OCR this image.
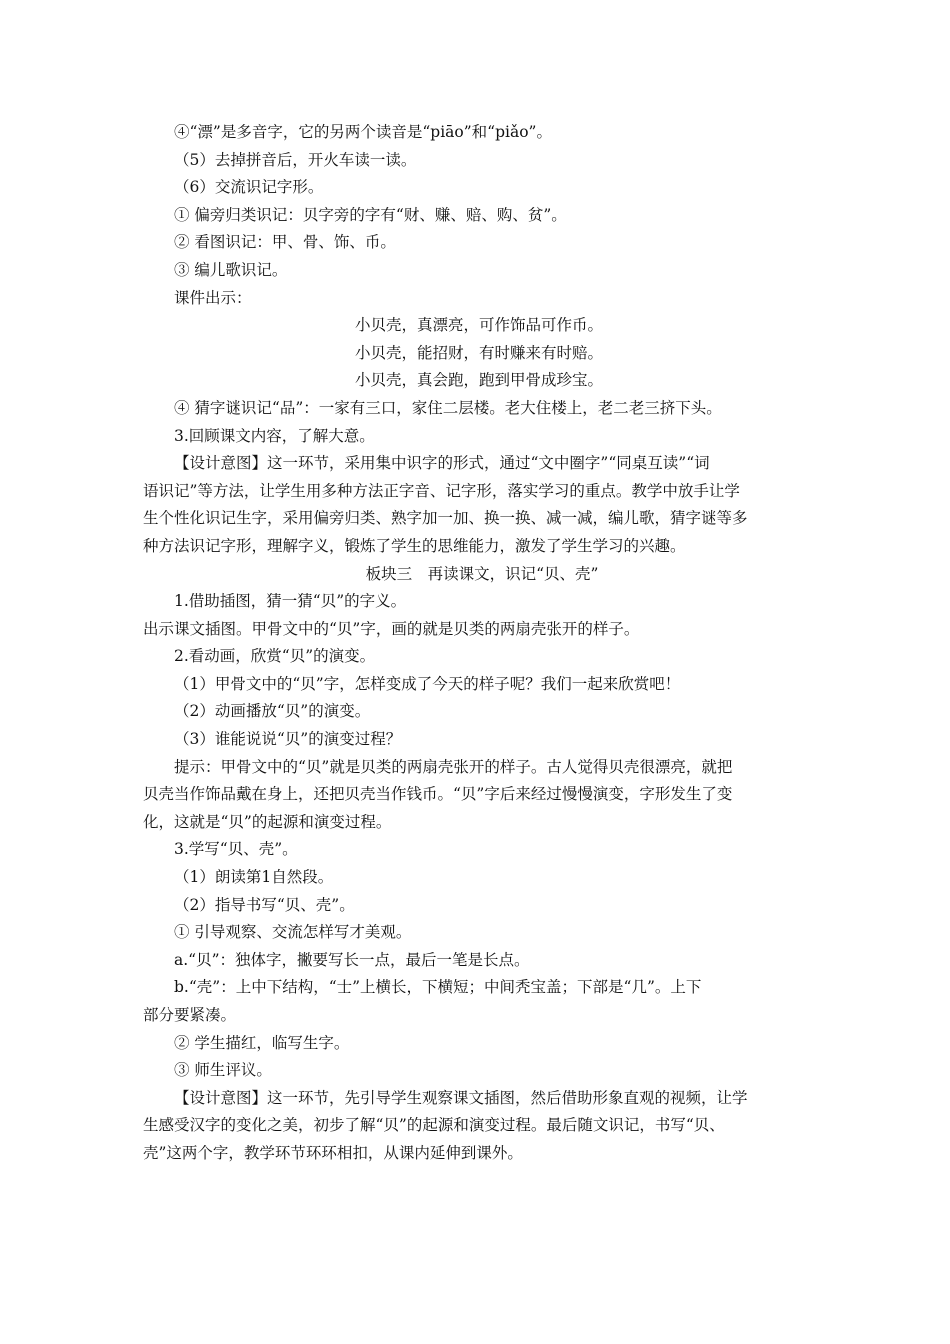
④“漂”是多音字，它的另两个读音是“piāo”和“piǎo”。

（5）去掉拼音后，开火车读一读。

（6）交流识记字形。

① 偏旁归类识记：贝字旁的字有“财、赚、赔、购、贫”。

② 看图识记：甲、骨、饰、币。

③ 编儿歌识记。

课件出示：

小贝壳，真漂亮，可作饰品可作币。

小贝壳，能招财，有时赚来有时赔。

小贝壳，真会跑，跑到甲骨成珍宝。

④ 猜字谜识记“品”：一家有三口，家住二层楼。老大住楼上，老二老三挤下头。

3.回顾课文内容，了解大意。

【设计意图】这一环节，采用集中识字的形式，通过“文中圈字”“同桌互读”“词
语识记”等方法，让学生用多种方法正字音、记字形，落实学习的重点。教学中放手让学
生个性化识记生字，采用偏旁归类、熟字加一加、换一换、减一减，编儿歌，猜字谜等多
种方法识记字形，理解字义，锻炼了学生的思维能力，激发了学生学习的兴趣。

板块三　再读课文，识记“贝、壳”

1.借助插图，猜一猜“贝”的字义。

出示课文插图。甲骨文中的“贝”字，画的就是贝类的两扇壳张开的样子。

2.看动画，欣赏“贝”的演变。

（1）甲骨文中的“贝”字，怎样变成了今天的样子呢？我们一起来欣赏吧！

（2）动画播放“贝”的演变。

（3）谁能说说“贝”的演变过程？

提示：甲骨文中的“贝”就是贝类的两扇壳张开的样子。古人觉得贝壳很漂亮，就把
贝壳当作饰品戴在身上，还把贝壳当作钱币。“贝”字后来经过慢慢演变，字形发生了变
化，这就是“贝”的起源和演变过程。

3.学写“贝、壳”。

（1）朗读第1自然段。

（2）指导书写“贝、壳”。

① 引导观察、交流怎样写才美观。

a.“贝”：独体字，撇要写长一点，最后一笔是长点。

b.“壳”：上中下结构，“士”上横长，下横短；中间秃宝盖；下部是“几”。上下
部分要紧凑。

② 学生描红，临写生字。

③ 师生评议。

【设计意图】这一环节，先引导学生观察课文插图，然后借助形象直观的视频，让学
生感受汉字的变化之美，初步了解“贝”的起源和演变过程。最后随文识记，书写“贝、
壳”这两个字，教学环节环环相扣，从课内延伸到课外。
